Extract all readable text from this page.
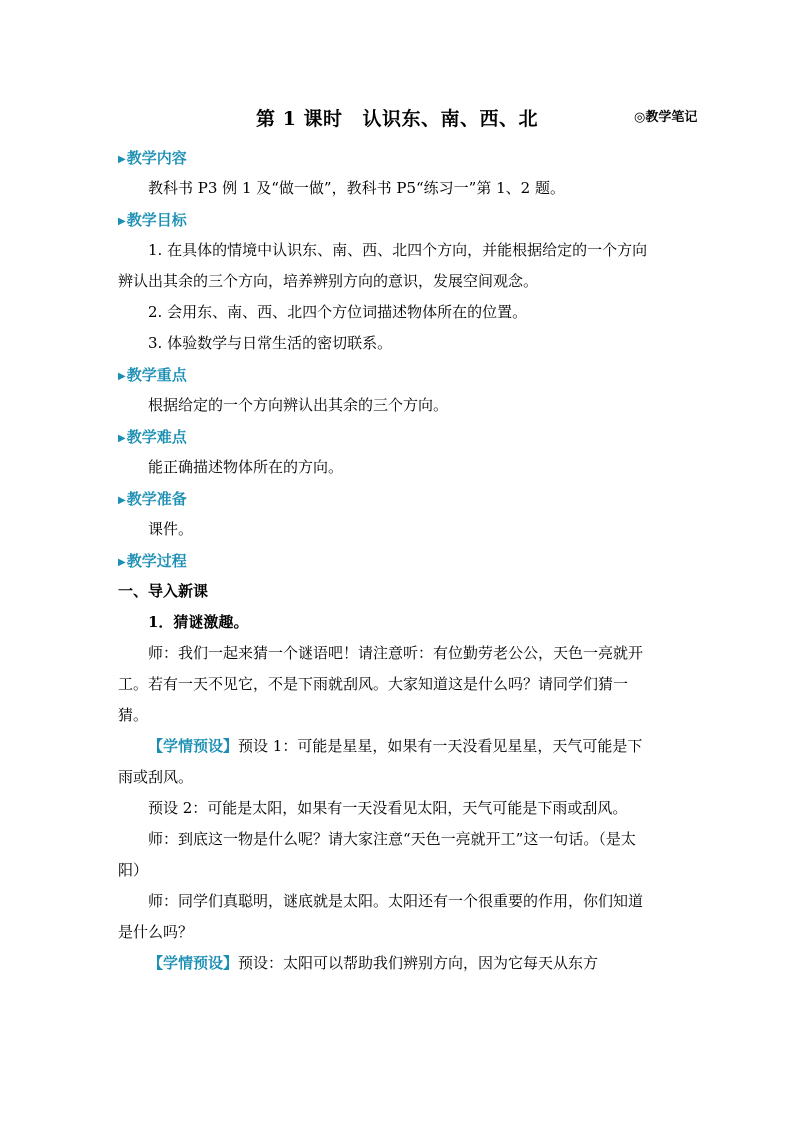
第 1 课时 认识东、南、西、北	◎教学笔记
▶教学内容

教科书 P3 例 1 及“做一做”，教科书 P5“练习一”第 1、2 题。

▶教学目标

1. 在具体的情境中认识东、南、西、北四个方向，并能根据给定的一个方向辨认出其余的三个方向，培养辨别方向的意识，发展空间观念。

2. 会用东、南、西、北四个方位词描述物体所在的位置。

3. 体验数学与日常生活的密切联系。

▶教学重点

根据给定的一个方向辨认出其余的三个方向。

▶教学难点

能正确描述物体所在的方向。

▶教学准备

课件。

▶教学过程
一、导入新课
1．猜谜激趣。

师：我们一起来猜一个谜语吧！请注意听：有位勤劳老公公，天色一亮就开工。若有一天不见它，不是下雨就刮风。大家知道这是什么吗？请同学们猜一猜。

【学情预设】预设 1：可能是星星，如果有一天没看见星星，天气可能是下雨或刮风。

预设 2：可能是太阳，如果有一天没看见太阳，天气可能是下雨或刮风。

师：到底这一物是什么呢？请大家注意“天色一亮就开工”这一句话。（是太阳）

师：同学们真聪明，谜底就是太阳。太阳还有一个很重要的作用，你们知道是什么吗？

【学情预设】预设：太阳可以帮助我们辨别方向，因为它每天从东方
